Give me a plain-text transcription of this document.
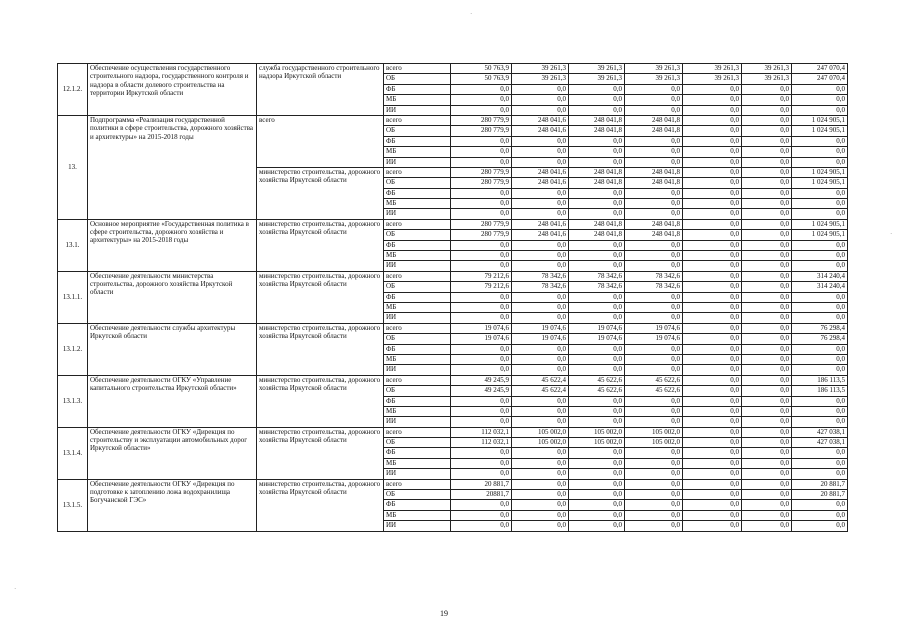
12.1.2.	Обеспечение осуществления государственного строительного надзора, государственного контроля и надзора в области долевого строительства на территории Иркутской области	служба государственного строительного надзора Иркутской области	всего	50 763,9	39 261,3	39 261,3	39 261,3	39 261,3	39 261,3	247 070,4
			ОБ	50 763,9	39 261,3	39 261,3	39 261,3	39 261,3	39 261,3	247 070,4
			ФБ	0,0	0,0	0,0	0,0	0,0	0,0	0,0
			МБ	0,0	0,0	0,0	0,0	0,0	0,0	0,0
			ИИ	0,0	0,0	0,0	0,0	0,0	0,0	0,0
13.	Подпрограмма «Реализация государственной политики в сфере строительства, дорожного хозяйства и архитектуры» на 2015-2018 годы	всего	всего	280 779,9	248 041,6	248 041,8	248 041,8	0,0	0,0	1 024 905,1
			ОБ	280 779,9	248 041,6	248 041,8	248 041,8	0,0	0,0	1 024 905,1
			ФБ	0,0	0,0	0,0	0,0	0,0	0,0	0,0
			МБ	0,0	0,0	0,0	0,0	0,0	0,0	0,0
			ИИ	0,0	0,0	0,0	0,0	0,0	0,0	0,0
		министерство строительства, дорожного хозяйства Иркутской области	всего	280 779,9	248 041,6	248 041,8	248 041,8	0,0	0,0	1 024 905,1
			ОБ	280 779,9	248 041,6	248 041,8	248 041,8	0,0	0,0	1 024 905,1
			ФБ	0,0	0,0	0,0	0,0	0,0	0,0	0,0
			МБ	0,0	0,0	0,0	0,0	0,0	0,0	0,0
			ИИ	0,0	0,0	0,0	0,0	0,0	0,0	0,0
13.1.	Основное мероприятие «Государственная политика в сфере строительства, дорожного хозяйства и архитектуры» на 2015-2018 годы	министерство строительства, дорожного хозяйства Иркутской области	всего	280 779,9	248 041,6	248 041,8	248 041,8	0,0	0,0	1 024 905,1
			ОБ	280 779,9	248 041,6	248 041,8	248 041,8	0,0	0,0	1 024 905,1
			ФБ	0,0	0,0	0,0	0,0	0,0	0,0	0,0
			МБ	0,0	0,0	0,0	0,0	0,0	0,0	0,0
			ИИ	0,0	0,0	0,0	0,0	0,0	0,0	0,0
13.1.1.	Обеспечение деятельности министерства строительства, дорожного хозяйства Иркутской области	министерство строительства, дорожного хозяйства Иркутской области	всего	79 212,6	78 342,6	78 342,6	78 342,6	0,0	0,0	314 240,4
			ОБ	79 212,6	78 342,6	78 342,6	78 342,6	0,0	0,0	314 240,4
			ФБ	0,0	0,0	0,0	0,0	0,0	0,0	0,0
			МБ	0,0	0,0	0,0	0,0	0,0	0,0	0,0
			ИИ	0,0	0,0	0,0	0,0	0,0	0,0	0,0
13.1.2.	Обеспечение деятельности службы архитектуры Иркутской области	министерство строительства, дорожного хозяйства Иркутской области	всего	19 074,6	19 074,6	19 074,6	19 074,6	0,0	0,0	76 298,4
			ОБ	19 074,6	19 074,6	19 074,6	19 074,6	0,0	0,0	76 298,4
			ФБ	0,0	0,0	0,0	0,0	0,0	0,0	0,0
			МБ	0,0	0,0	0,0	0,0	0,0	0,0	0,0
			ИИ	0,0	0,0	0,0	0,0	0,0	0,0	0,0
13.1.3.	Обеспечение деятельности ОГКУ «Управление капитального строительства Иркутской области»	министерство строительства, дорожного хозяйства Иркутской области	всего	49 245,9	45 622,4	45 622,6	45 622,6	0,0	0,0	186 113,5
			ОБ	49 245,9	45 622,4	45 622,6	45 622,6	0,0	0,0	186 113,5
			ФБ	0,0	0,0	0,0	0,0	0,0	0,0	0,0
			МБ	0,0	0,0	0,0	0,0	0,0	0,0	0,0
			ИИ	0,0	0,0	0,0	0,0	0,0	0,0	0,0
13.1.4.	Обеспечение деятельности ОГКУ «Дирекция по строительству и эксплуатации автомобильных дорог Иркутской области»	министерство строительства, дорожного хозяйства Иркутской области	всего	112 032,1	105 002,0	105 002,0	105 002,0	0,0	0,0	427 038,1
			ОБ	112 032,1	105 002,0	105 002,0	105 002,0	0,0	0,0	427 038,1
			ФБ	0,0	0,0	0,0	0,0	0,0	0,0	0,0
			МБ	0,0	0,0	0,0	0,0	0,0	0,0	0,0
			ИИ	0,0	0,0	0,0	0,0	0,0	0,0	0,0
13.1.5.	Обеспечение деятельности ОГКУ «Дирекция по подготовке к затоплению ложа водохранилища Богучанской ГЭС»	министерство строительства, дорожного хозяйства Иркутской области	всего	20 881,7	0,0	0,0	0,0	0,0	0,0	20 881,7
			ОБ	20881,7	0,0	0,0	0,0	0,0	0,0	20 881,7
			ФБ	0,0	0,0	0,0	0,0	0,0	0,0	0,0
			МБ	0,0	0,0	0,0	0,0	0,0	0,0	0,0
			ИИ	0,0	0,0	0,0	0,0	0,0	0,0	0,0
19
·
·
·
